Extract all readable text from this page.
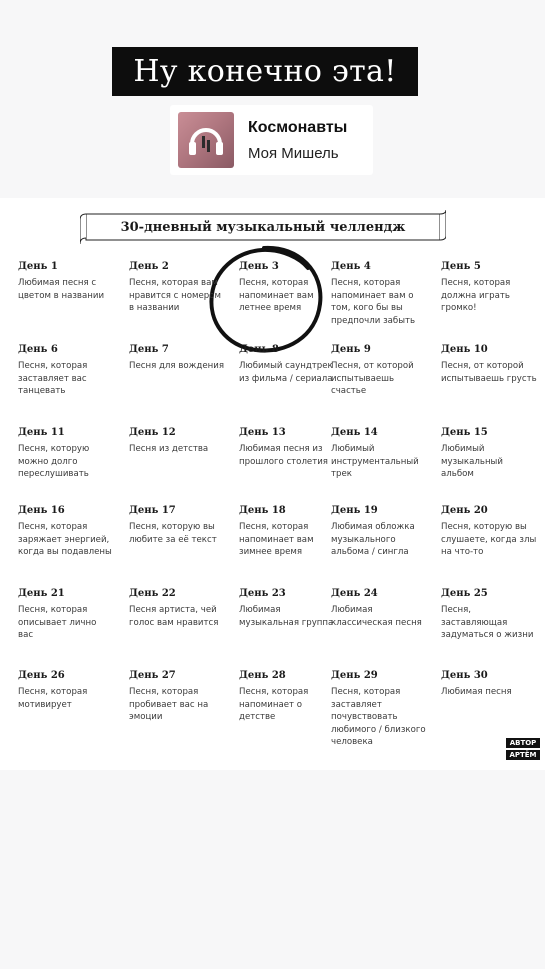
Ну конечно эта!
Космонавты
Моя Мишель
30-дневный музыкальный челлендж
День 1
Любимая песня с цветом в названии
День 2
Песня, которая вам нравится с номером в названии
День 3
Песня, которая напоминает вам летнее время
День 4
Песня, которая напоминает вам о том, кого бы вы предпочли забыть
День 5
Песня, которая должна играть громко!
День 6
Песня, которая заставляет вас танцевать
День 7
Песня для вождения
День 8
Любимый саундтрек из фильма / сериала
День 9
Песня, от которой испытываешь счастье
День 10
Песня, от которой испытываешь грусть
День 11
Песня, которую можно долго переслушивать
День 12
Песня из детства
День 13
Любимая песня из прошлого столетия
День 14
Любимый инструментальный трек
День 15
Любимый музыкальный альбом
День 16
Песня, которая заряжает энергией, когда вы подавлены
День 17
Песня, которую вы любите за её текст
День 18
Песня, которая напоминает вам зимнее время
День 19
Любимая обложка музыкального альбома / сингла
День 20
Песня, которую вы слушаете, когда злы на что-то
День 21
Песня, которая описывает лично вас
День 22
Песня артиста, чей голос вам нравится
День 23
Любимая музыкальная группа
День 24
Любимая классическая песня
День 25
Песня, заставляющая задуматься о жизни
День 26
Песня, которая мотивирует
День 27
Песня, которая пробивает вас на эмоции
День 28
Песня, которая напоминает о детстве
День 29
Песня, которая заставляет почувствовать любимого / близкого человека
День 30
Любимая песня
АВТОР
АРТЁМ
